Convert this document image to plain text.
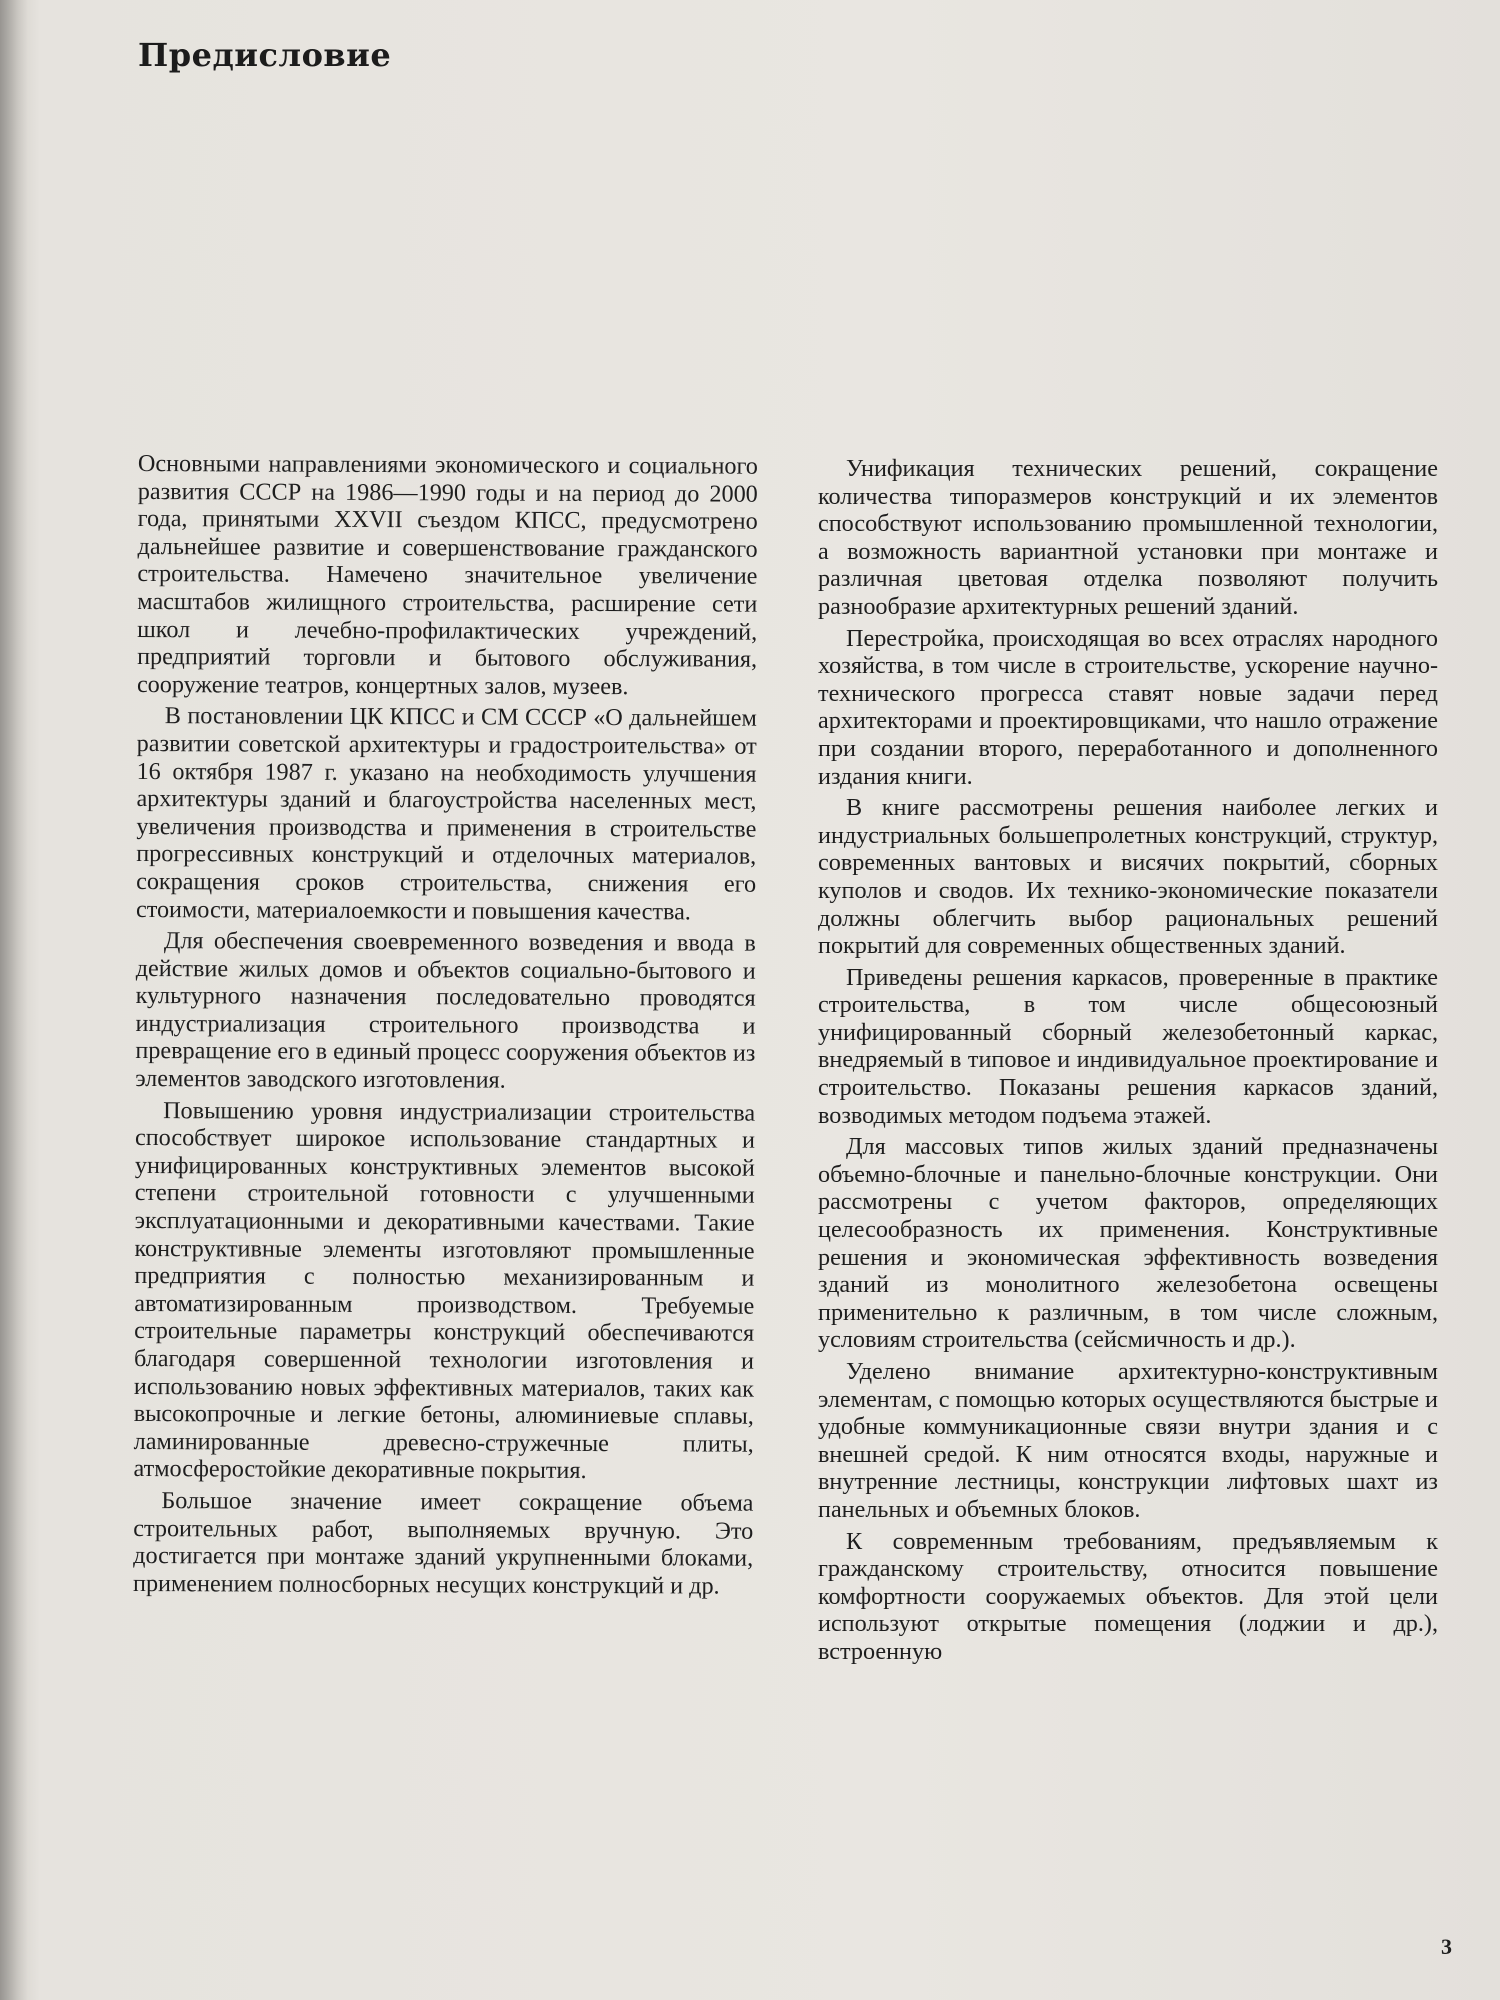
Предисловие

Основными направлениями экономического и социального развития СССР на 1986—1990 годы и на период до 2000 года, принятыми XXVII съездом КПСС, предусмотрено дальнейшее развитие и совершенствование гражданского строительства. Намечено значительное увеличение масштабов жилищного строительства, расширение сети школ и лечебно-профилактических учреждений, предприятий торговли и бытового обслуживания, сооружение театров, концертных залов, музеев.

В постановлении ЦК КПСС и СМ СССР «О дальнейшем развитии советской архитектуры и градостроительства» от 16 октября 1987 г. указано на необходимость улучшения архитектуры зданий и благоустройства населенных мест, увеличения производства и применения в строительстве прогрессивных конструкций и отделочных материалов, сокращения сроков строительства, снижения его стоимости, материалоемкости и повышения качества.

Для обеспечения своевременного возведения и ввода в действие жилых домов и объектов социально-бытового и культурного назначения последовательно проводятся индустриализация строительного производства и превращение его в единый процесс сооружения объектов из элементов заводского изготовления.

Повышению уровня индустриализации строительства способствует широкое использование стандартных и унифицированных конструктивных элементов высокой степени строительной готовности с улучшенными эксплуатационными и декоративными качествами. Такие конструктивные элементы изготовляют промышленные предприятия с полностью механизированным и автоматизированным производством. Требуемые строительные параметры конструкций обеспечиваются благодаря совершенной технологии изготовления и использованию новых эффективных материалов, таких как высокопрочные и легкие бетоны, алюминиевые сплавы, ламинированные древесно-стружечные плиты, атмосферостойкие декоративные покрытия.

Большое значение имеет сокращение объема строительных работ, выполняемых вручную. Это достигается при монтаже зданий укрупненными блоками, применением полносборных несущих конструкций и др.

Унификация технических решений, сокращение количества типоразмеров конструкций и их элементов способствуют использованию промышленной технологии, а возможность вариантной установки при монтаже и различная цветовая отделка позволяют получить разнообразие архитектурных решений зданий.

Перестройка, происходящая во всех отраслях народного хозяйства, в том числе в строительстве, ускорение научно-технического прогресса ставят новые задачи перед архитекторами и проектировщиками, что нашло отражение при создании второго, переработанного и дополненного издания книги.

В книге рассмотрены решения наиболее легких и индустриальных большепролетных конструкций, структур, современных вантовых и висячих покрытий, сборных куполов и сводов. Их технико-экономические показатели должны облегчить выбор рациональных решений покрытий для современных общественных зданий.

Приведены решения каркасов, проверенные в практике строительства, в том числе общесоюзный унифицированный сборный железобетонный каркас, внедряемый в типовое и индивидуальное проектирование и строительство. Показаны решения каркасов зданий, возводимых методом подъема этажей.

Для массовых типов жилых зданий предназначены объемно-блочные и панельно-блочные конструкции. Они рассмотрены с учетом факторов, определяющих целесообразность их применения. Конструктивные решения и экономическая эффективность возведения зданий из монолитного железобетона освещены применительно к различным, в том числе сложным, условиям строительства (сейсмичность и др.).

Уделено внимание архитектурно-конструктивным элементам, с помощью которых осуществляются быстрые и удобные коммуникационные связи внутри здания и с внешней средой. К ним относятся входы, наружные и внутренние лестницы, конструкции лифтовых шахт из панельных и объемных блоков.

К современным требованиям, предъявляемым к гражданскому строительству, относится повышение комфортности сооружаемых объектов. Для этой цели используют открытые помещения (лоджии и др.), встроенную

3
